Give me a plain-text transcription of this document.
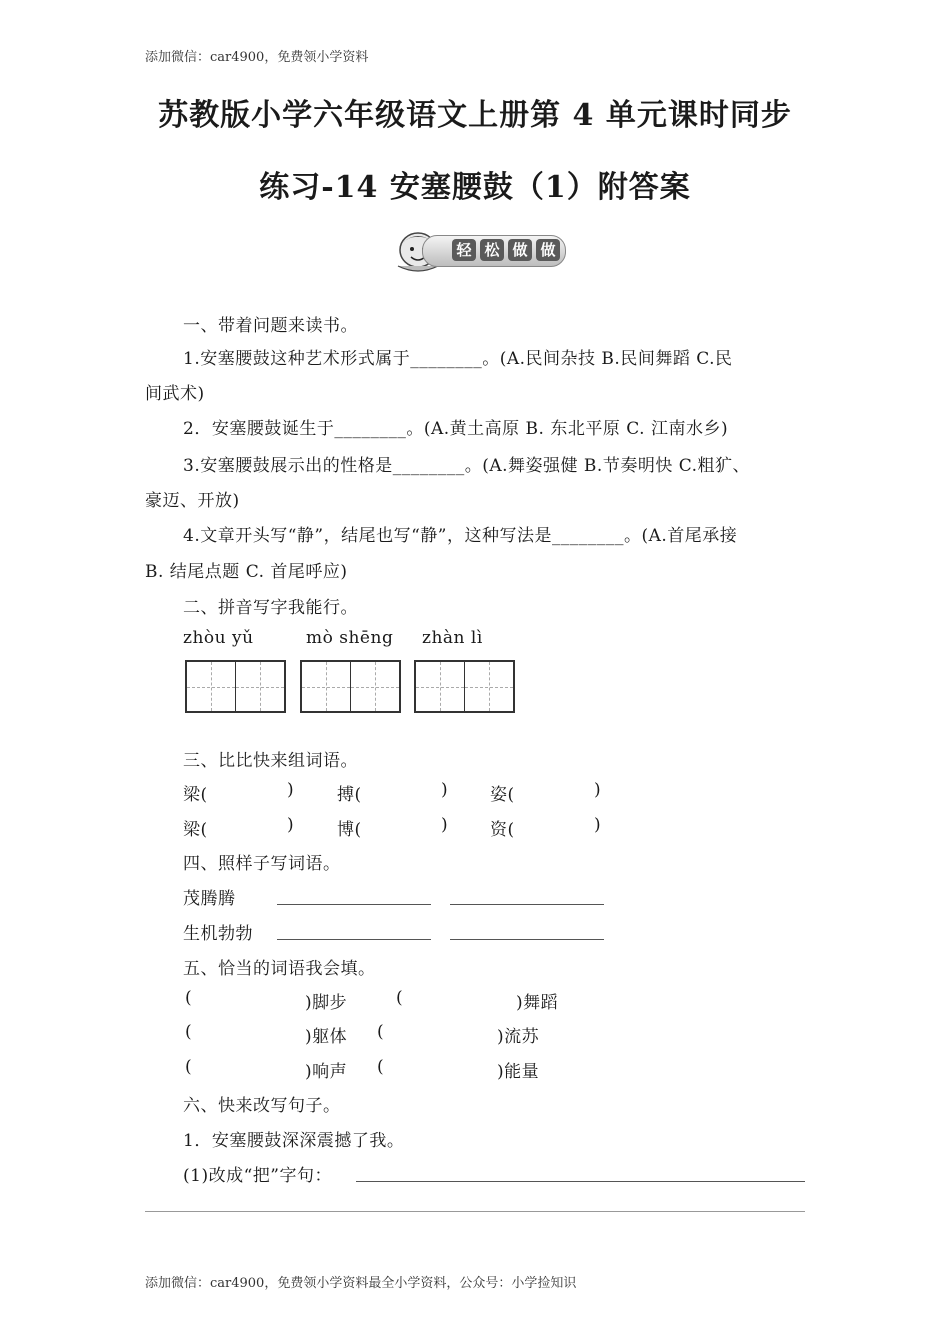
添加微信：car4900，免费领小学资料
苏教版小学六年级语文上册第 4 单元课时同步
练习-14 安塞腰鼓（1）附答案
轻 松 做 做
一、带着问题来读书。
1.安塞腰鼓这种艺术形式属于________。(A.民间杂技 B.民间舞蹈 C.民
间武术)
2．安塞腰鼓诞生于________。(A.黄土高原 B. 东北平原 C. 江南水乡)
3.安塞腰鼓展示出的性格是________。(A.舞姿强健 B.节奏明快 C.粗犷、
豪迈、开放)
4.文章开头写“静”，结尾也写“静”，这种写法是________。(A.首尾承接
B. 结尾点题 C. 首尾呼应)
二、拼音写字我能行。
zhòu yǔ	mò shēng zhàn lì
三、比比快来组词语。
梁(	)	搏(	) 姿(	)
梁(	)	博(	) 资(	)
四、照样子写词语。
茂腾腾
生机勃勃
五、恰当的词语我会填。
(	)脚步	(	)舞蹈
(	)躯体 (	)流苏
(	)响声 (	)能量
六、快来改写句子。
1．安塞腰鼓深深震撼了我。
(1)改成“把”字句：
添加微信：car4900，免费领小学资料最全小学资料，公众号：小学捡知识
